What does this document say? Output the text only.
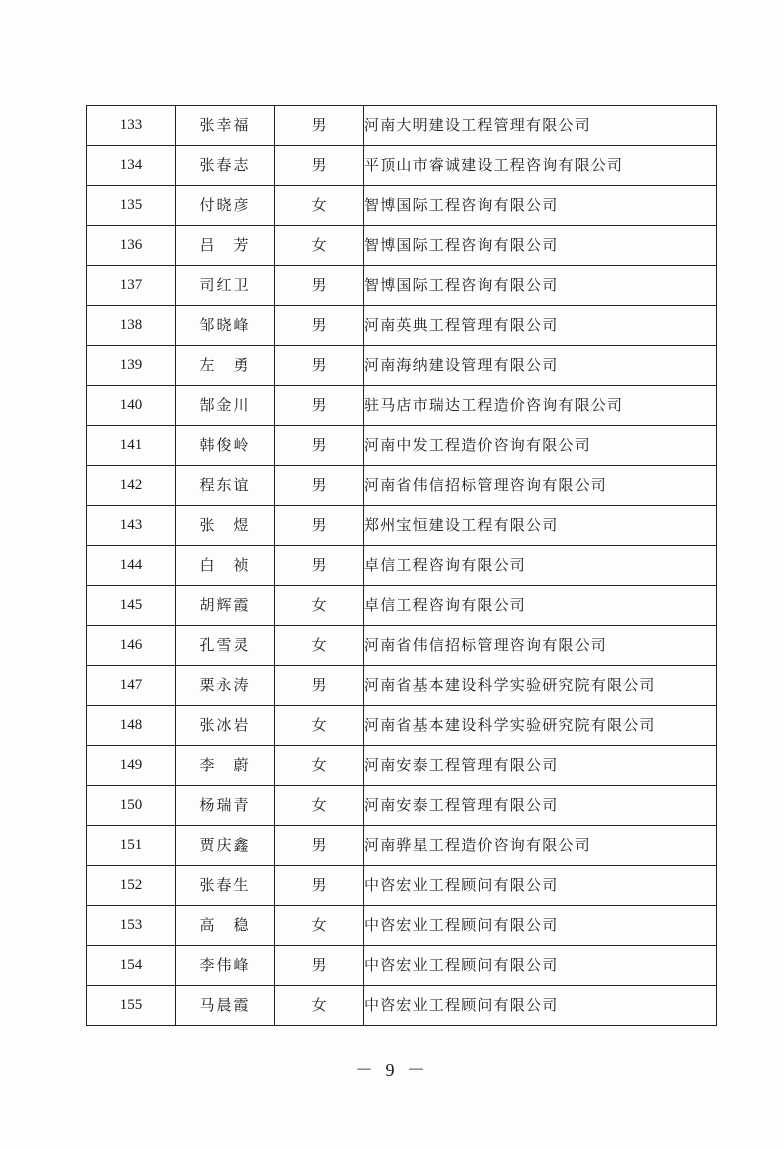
133	张幸福	男	河南大明建设工程管理有限公司
134	张春志	男	平顶山市睿诚建设工程咨询有限公司
135	付晓彦	女	智博国际工程咨询有限公司
136	吕　芳	女	智博国际工程咨询有限公司
137	司红卫	男	智博国际工程咨询有限公司
138	邹晓峰	男	河南英典工程管理有限公司
139	左　勇	男	河南海纳建设管理有限公司
140	郜金川	男	驻马店市瑞达工程造价咨询有限公司
141	韩俊岭	男	河南中发工程造价咨询有限公司
142	程东谊	男	河南省伟信招标管理咨询有限公司
143	张　煜	男	郑州宝恒建设工程有限公司
144	白　祯	男	卓信工程咨询有限公司
145	胡辉霞	女	卓信工程咨询有限公司
146	孔雪灵	女	河南省伟信招标管理咨询有限公司
147	栗永涛	男	河南省基本建设科学实验研究院有限公司
148	张冰岩	女	河南省基本建设科学实验研究院有限公司
149	李　蔚	女	河南安泰工程管理有限公司
150	杨瑞青	女	河南安泰工程管理有限公司
151	贾庆鑫	男	河南骅星工程造价咨询有限公司
152	张春生	男	中咨宏业工程顾问有限公司
153	高　稳	女	中咨宏业工程顾问有限公司
154	李伟峰	男	中咨宏业工程顾问有限公司
155	马晨霞	女	中咨宏业工程顾问有限公司
－ 9 －
